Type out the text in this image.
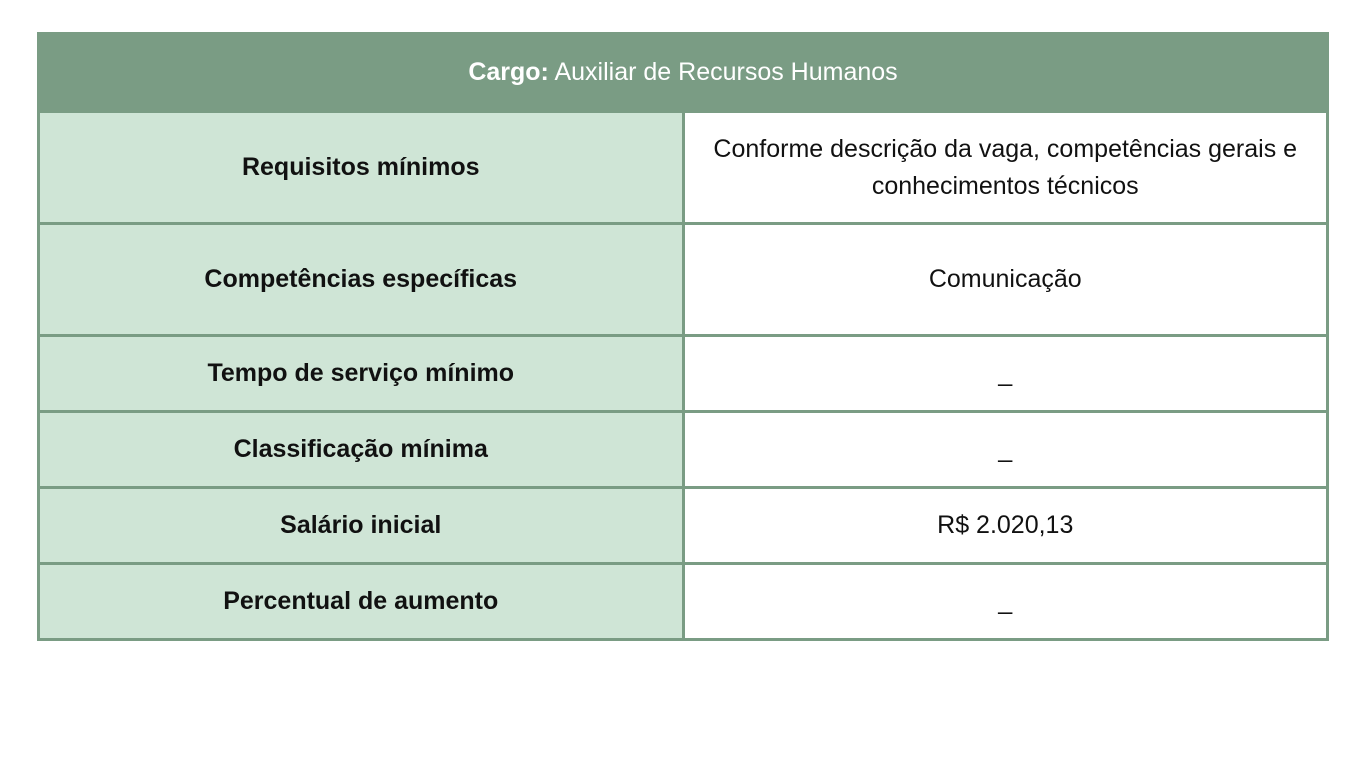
Cargo: Auxiliar de Recursos Humanos	
Requisitos mínimos	Conforme descrição da vaga, competências gerais e conhecimentos técnicos
Competências específicas	Comunicação
Tempo de serviço mínimo	_
Classificação mínima	_
Salário inicial	R$ 2.020,13
Percentual de aumento	_
